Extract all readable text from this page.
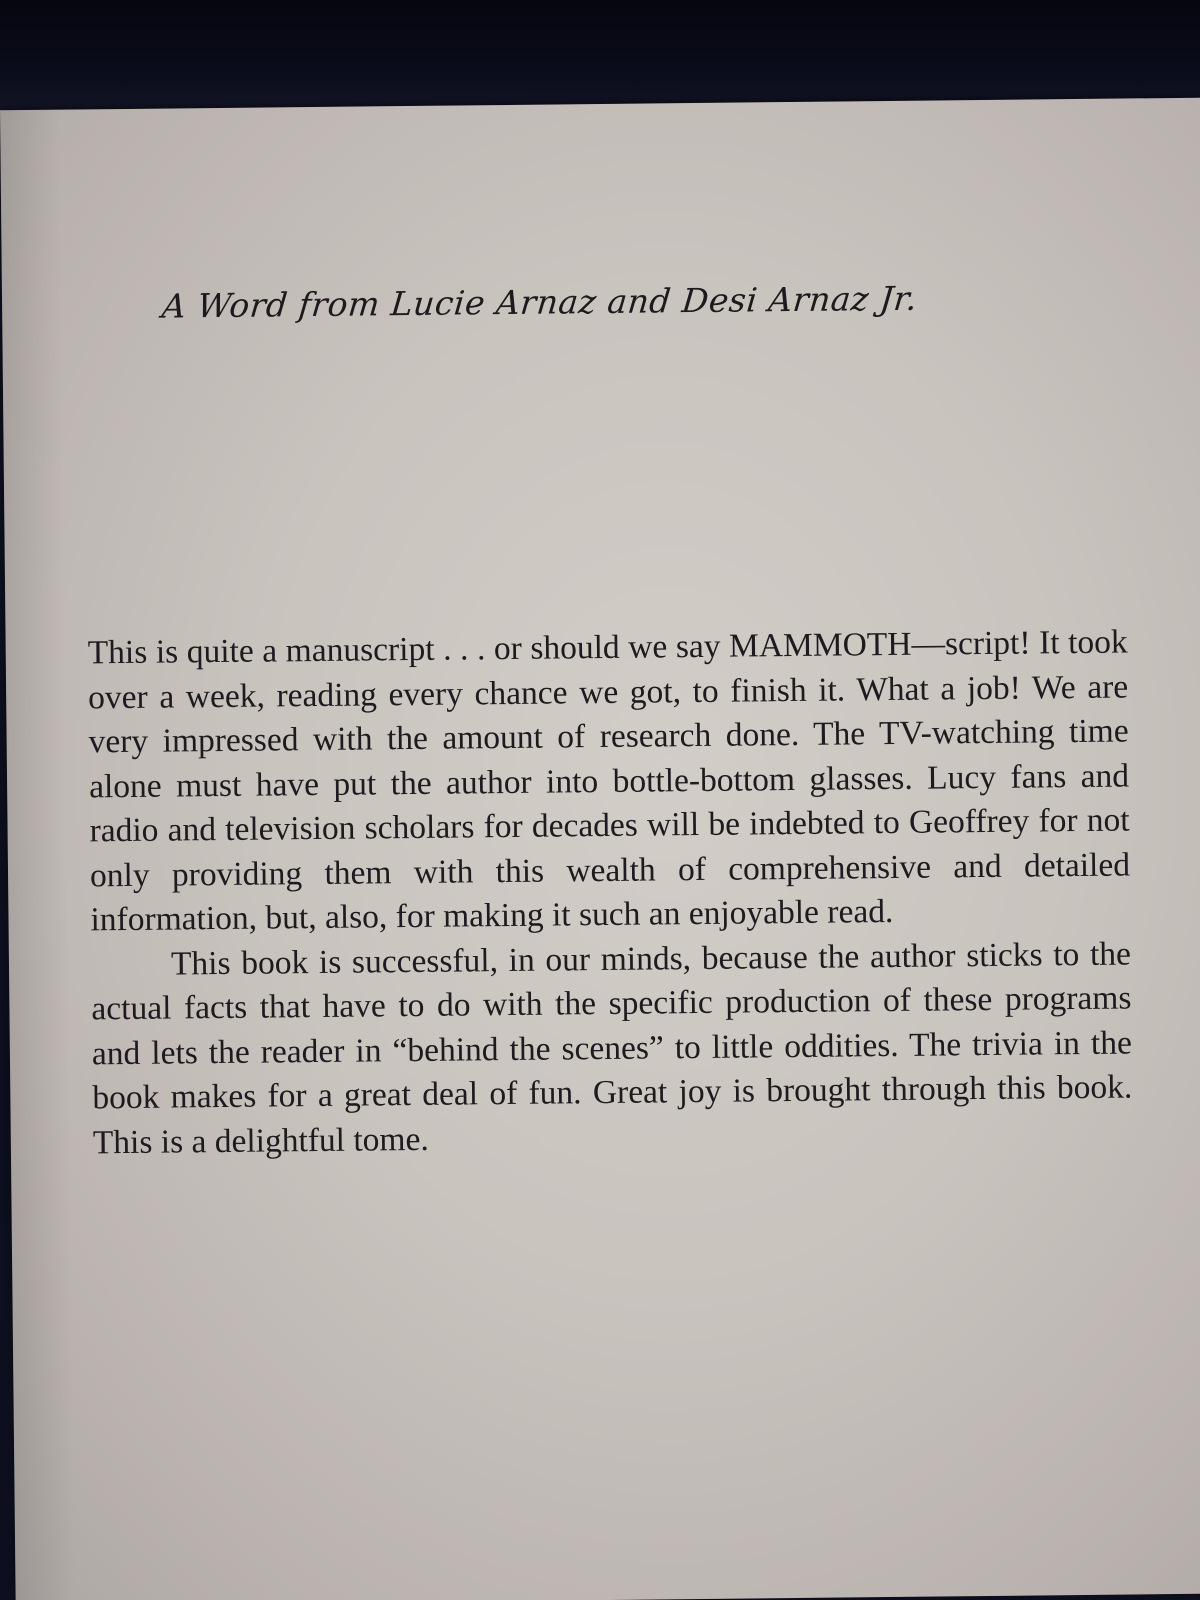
A Word from Lucie Arnaz and Desi Arnaz Jr.

This is quite a manuscript . . . or should we say MAMMOTH—script! It took over a week, reading every chance we got, to finish it. What a job! We are very impressed with the amount of research done. The TV-watching time alone must have put the author into bottle-bottom glasses. Lucy fans and radio and television scholars for decades will be indebted to Geoffrey for not only providing them with this wealth of comprehensive and detailed information, but, also, for making it such an enjoyable read.

This book is successful, in our minds, because the author sticks to the actual facts that have to do with the specific production of these programs and lets the reader in “behind the scenes” to little oddities. The trivia in the book makes for a great deal of fun. Great joy is brought through this book. This is a delightful tome.
